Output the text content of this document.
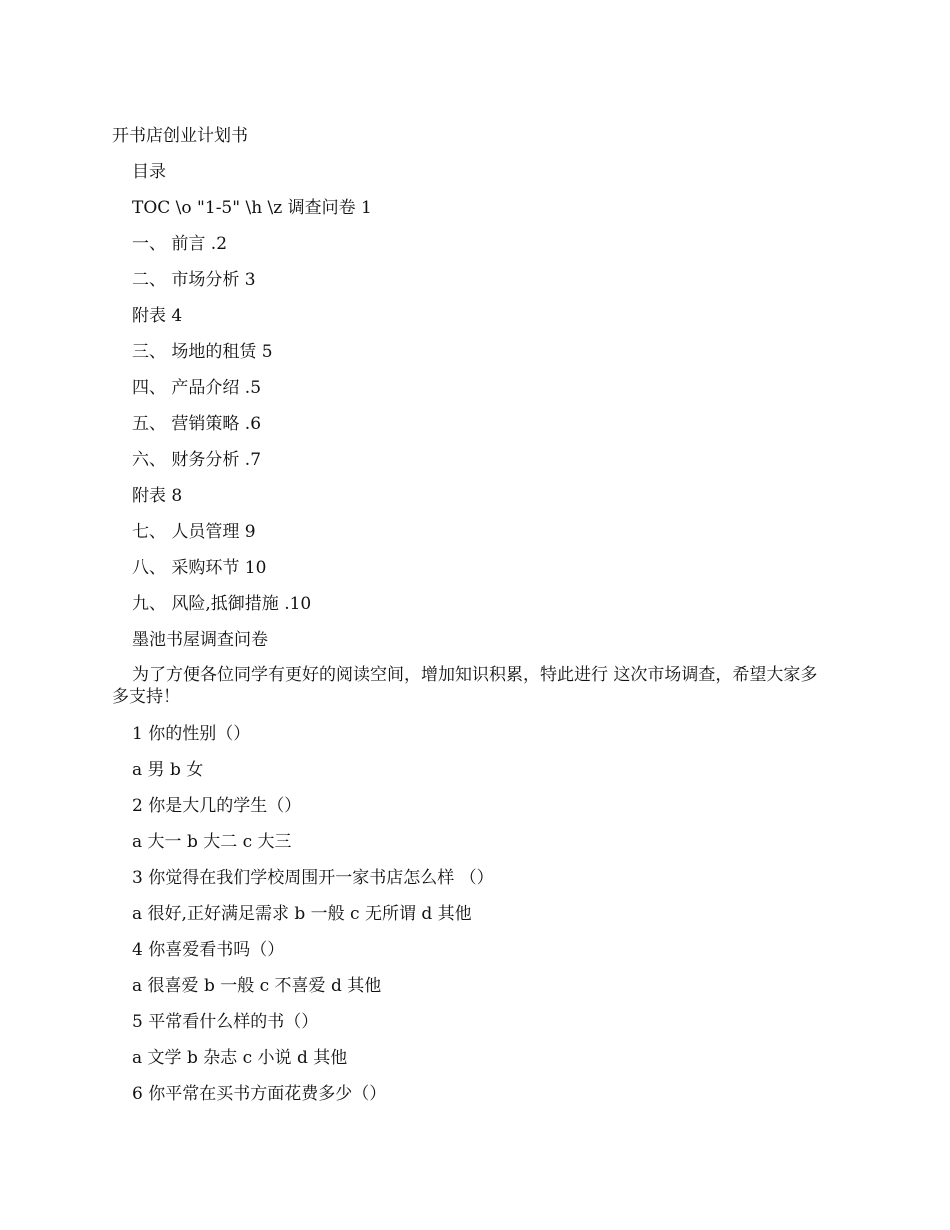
开书店创业计划书
目录
TOC \o "1-5" \h \z 调查问卷 1
一、 前言 .2
二、 市场分析 3
附表 4
三、 场地的租赁 5
四、 产品介绍 .5
五、 营销策略 .6
六、 财务分析 .7
附表 8
七、 人员管理 9
八、 采购环节 10
九、 风险,抵御措施 .10
墨池书屋调查问卷
为了方便各位同学有更好的阅读空间，增加知识积累，特此进行 这次市场调查，希望大家多多支持！
1 你的性别（）
a 男 b 女
2 你是大几的学生（）
a 大一 b 大二 c 大三
3 你觉得在我们学校周围开一家书店怎么样 （）
a 很好,正好满足需求 b 一般 c 无所谓 d 其他
4 你喜爱看书吗（）
a 很喜爱 b 一般 c 不喜爱 d 其他
5 平常看什么样的书（）
a 文学 b 杂志 c 小说 d 其他
6 你平常在买书方面花费多少（）
